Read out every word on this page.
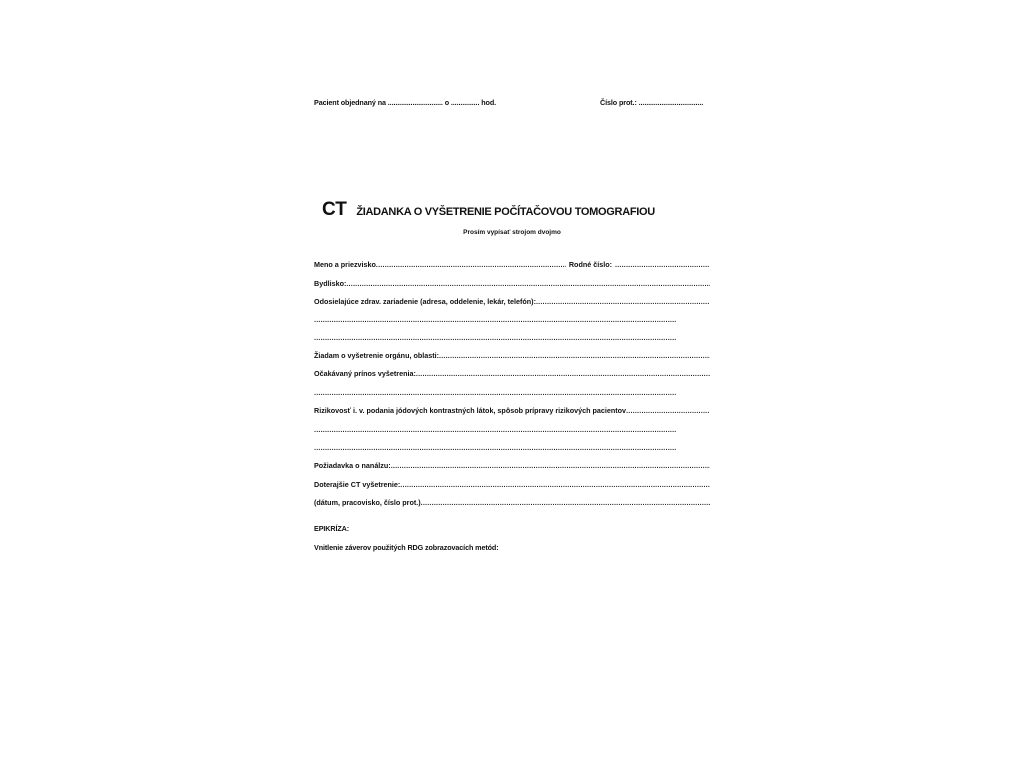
Pacient objednaný na ............................. o ............... hod.	Číslo prot.: ..................................
CT ŽIADANKA O VYŠETRENIE POČÍTAČOVOU TOMOGRAFIOU
Prosím vypísať strojom dvojmo
Meno a priezvisko
.....	Rodné číslo:
.....
Bydlisko:
.....
Odosielajúce zdrav. zariadenie (adresa, oddelenie, lekár, telefón):
.....
.....
.....
Žiadam o vyšetrenie orgánu, oblasti:
.....
Očakávaný prínos vyšetrenia:
.....
.....
Rizikovosť i. v. podania jódových kontrastných látok, spôsob prípravy rizikových pacientov
.....
.....
.....
Požiadavka o nanálzu:
.....
Doterajšie CT vyšetrenie:
.....
(dátum, pracovisko, číslo prot.)
.....
EPIKRÍZA:
Vnitlenie záverov použitých RDG zobrazovacích metód:
